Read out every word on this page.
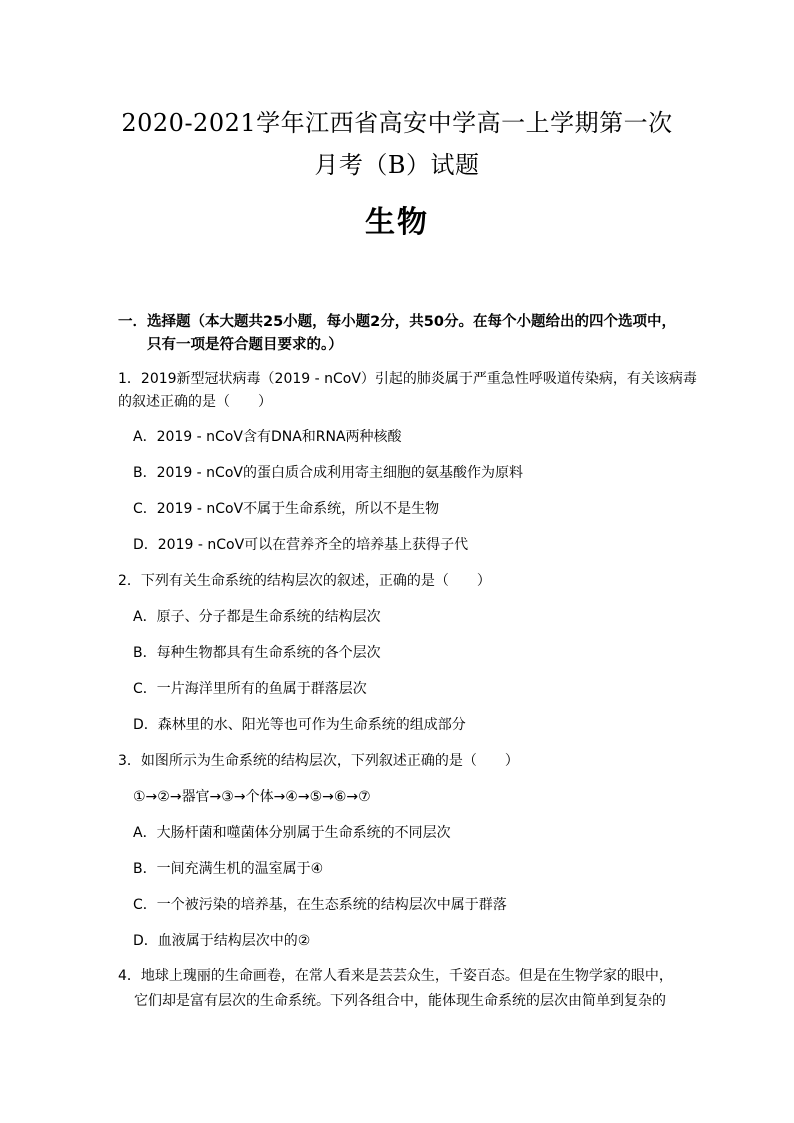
2020-2021学年江西省高安中学高一上学期第一次
月考（B）试题
生物
一．选择题（本大题共25小题，每小题2分，共50分。在每个小题给出的四个选项中，
只有一项是符合题目要求的。）
1．2019新型冠状病毒（2019 - nCoV）引起的肺炎属于严重急性呼吸道传染病，有关该病毒
的叙述正确的是（　　）
A．2019 - nCoV含有DNA和RNA两种核酸
B．2019 - nCoV的蛋白质合成利用寄主细胞的氨基酸作为原料
C．2019 - nCoV不属于生命系统，所以不是生物
D．2019 - nCoV可以在营养齐全的培养基上获得子代
2．下列有关生命系统的结构层次的叙述，正确的是（　　）
A．原子、分子都是生命系统的结构层次
B．每种生物都具有生命系统的各个层次
C．一片海洋里所有的鱼属于群落层次
D．森林里的水、阳光等也可作为生命系统的组成部分
3．如图所示为生命系统的结构层次，下列叙述正确的是（　　）
①→②→器官→③→个体→④→⑤→⑥→⑦
A．大肠杆菌和噬菌体分别属于生命系统的不同层次
B．一间充满生机的温室属于④
C．一个被污染的培养基，在生态系统的结构层次中属于群落
D．血液属于结构层次中的②
4．地球上瑰丽的生命画卷，在常人看来是芸芸众生，千姿百态。但是在生物学家的眼中，
它们却是富有层次的生命系统。下列各组合中，能体现生命系统的层次由简单到复杂的
